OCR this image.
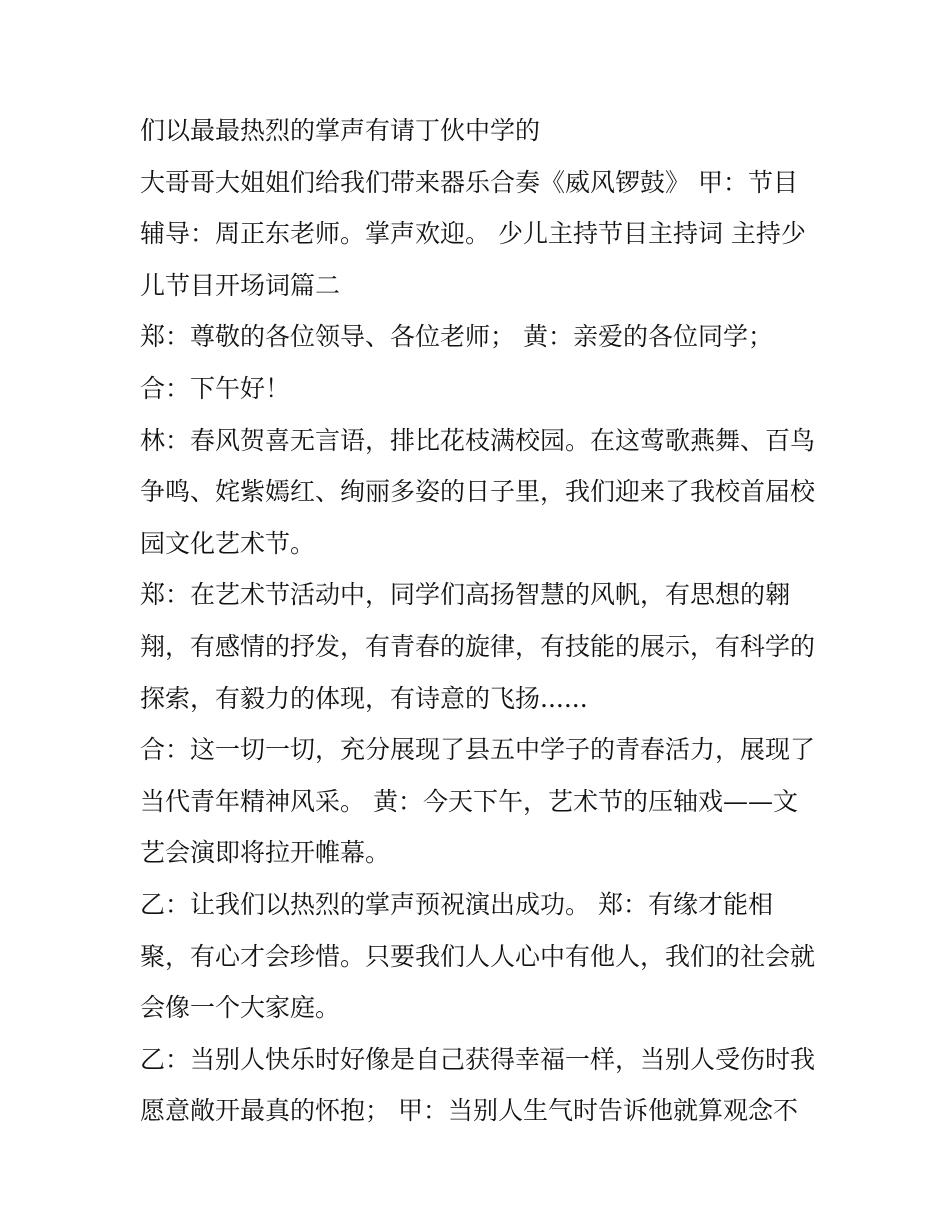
们以最最热烈的掌声有请丁伙中学的

大哥哥大姐姐们给我们带来器乐合奏《威风锣鼓》 甲：节目

辅导：周正东老师。掌声欢迎。 少儿主持节目主持词 主持少

儿节目开场词篇二

郑：尊敬的各位领导、各位老师； 黄：亲爱的各位同学；

合：下午好！

林：春风贺喜无言语，排比花枝满校园。在这莺歌燕舞、百鸟

争鸣、姹紫嫣红、绚丽多姿的日子里，我们迎来了我校首届校

园文化艺术节。

郑：在艺术节活动中，同学们高扬智慧的风帆，有思想的翱

翔，有感情的抒发，有青春的旋律，有技能的展示，有科学的

探索，有毅力的体现，有诗意的飞扬......

合：这一切一切，充分展现了县五中学子的青春活力，展现了

当代青年精神风采。 黄：今天下午，艺术节的压轴戏——文

艺会演即将拉开帷幕。

乙：让我们以热烈的掌声预祝演出成功。 郑：有缘才能相

聚，有心才会珍惜。只要我们人人心中有他人，我们的社会就

会像一个大家庭。

乙：当别人快乐时好像是自己获得幸福一样，当别人受伤时我

愿意敞开最真的怀抱； 甲：当别人生气时告诉他就算观念不
